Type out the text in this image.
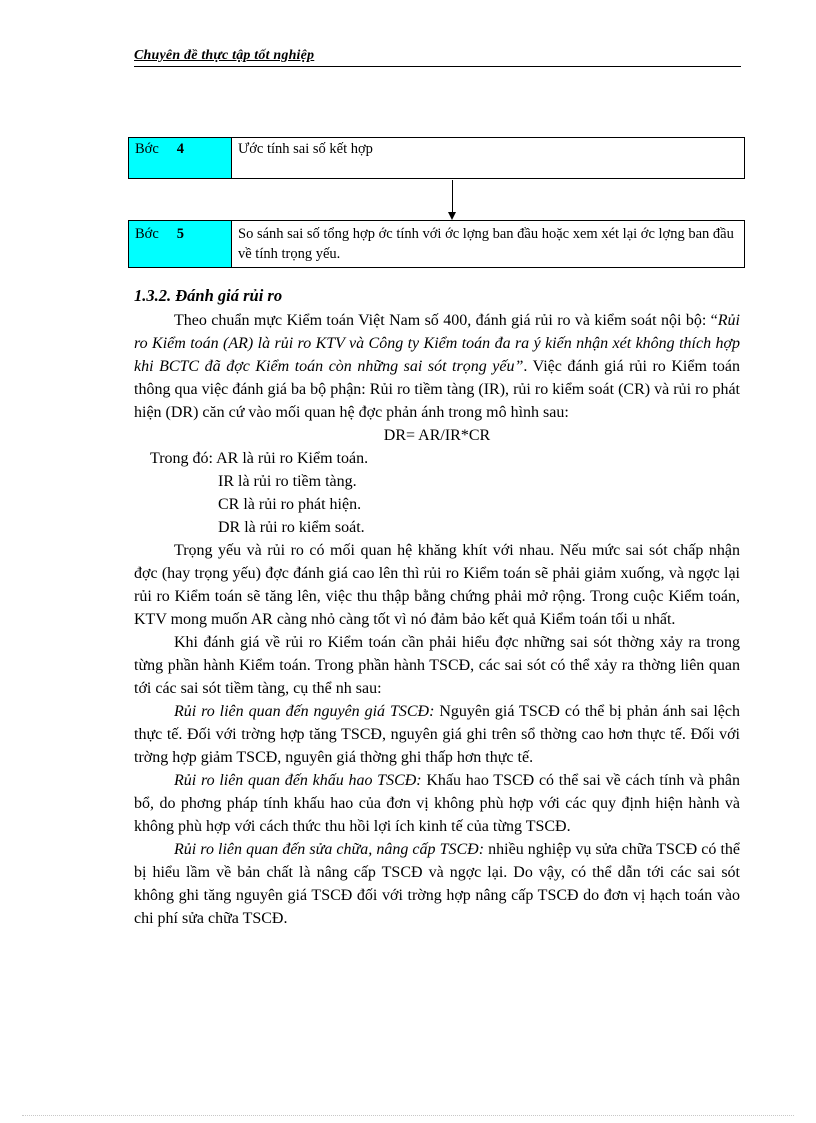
Chuyên đề thực tập tốt nghiệp
Bớc 4	Ước tính sai số kết hợp
Bớc 5	So sánh sai số tổng hợp ớc tính với ớc lợng ban đầu hoặc xem xét lại ớc lợng ban đầu về tính trọng yếu.

1.3.2. Đánh giá rủi ro

Theo chuẩn mực Kiểm toán Việt Nam số 400, đánh giá rủi ro và kiểm soát nội bộ: “Rủi ro Kiểm toán (AR) là rủi ro KTV và Công ty Kiểm toán đa ra ý kiến nhận xét không thích hợp khi BCTC đã đợc Kiểm toán còn những sai sót trọng yếu”. Việc đánh giá rủi ro Kiểm toán thông qua việc đánh giá ba bộ phận: Rủi ro tiềm tàng (IR), rủi ro kiểm soát (CR) và rủi ro phát hiện (DR) căn cứ vào mối quan hệ đợc phản ánh trong mô hình sau:

DR= AR/IR*CR

Trong đó: AR là rủi ro Kiểm toán.

IR là rủi ro tiềm tàng.

CR là rủi ro phát hiện.

DR là rủi ro kiểm soát.

Trọng yếu và rủi ro có mối quan hệ khăng khít với nhau. Nếu mức sai sót chấp nhận đợc (hay trọng yếu) đợc đánh giá cao lên thì rủi ro Kiểm toán sẽ phải giảm xuống, và ngợc lại rủi ro Kiểm toán sẽ tăng lên, việc thu thập bằng chứng phải mở rộng. Trong cuộc Kiểm toán, KTV mong muốn AR càng nhỏ càng tốt vì nó đảm bảo kết quả Kiểm toán tối u nhất.

Khi đánh giá về rủi ro Kiểm toán cần phải hiểu đợc những sai sót thờng xảy ra trong từng phần hành Kiểm toán. Trong phần hành TSCĐ, các sai sót có thể xảy ra thờng liên quan tới các sai sót tiềm tàng, cụ thể nh sau:

Rủi ro liên quan đến nguyên giá TSCĐ: Nguyên giá TSCĐ có thể bị phản ánh sai lệch thực tế. Đối với trờng hợp tăng TSCĐ, nguyên giá ghi trên sổ thờng cao hơn thực tế. Đối với trờng hợp giảm TSCĐ, nguyên giá thờng ghi thấp hơn thực tế.

Rủi ro liên quan đến khấu hao TSCĐ: Khấu hao TSCĐ có thể sai về cách tính và phân bổ, do phơng pháp tính khấu hao của đơn vị không phù hợp với các quy định hiện hành và không phù hợp với cách thức thu hồi lợi ích kinh tế của từng TSCĐ.

Rủi ro liên quan đến sửa chữa, nâng cấp TSCĐ: nhiều nghiệp vụ sửa chữa TSCĐ có thể bị hiểu lầm về bản chất là nâng cấp TSCĐ và ngợc lại. Do vậy, có thể dẫn tới các sai sót không ghi tăng nguyên giá TSCĐ đối với trờng hợp nâng cấp TSCĐ do đơn vị hạch toán vào chi phí sửa chữa TSCĐ.
